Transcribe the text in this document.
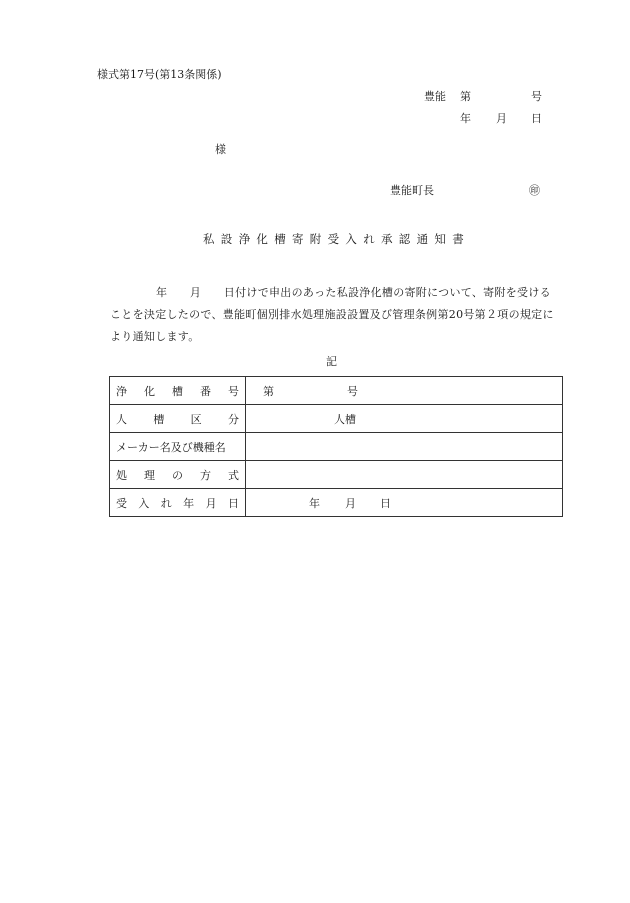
様式第17号(第13条関係)
豊能 第	号
年 月 日
様
豊能町長	㊞
私設浄化槽寄附受入れ承認通知書
年　　月　　日付けで申出のあった私設浄化槽の寄附について、寄附を受ける
ことを決定したので、豊能町個別排水処理施設設置及び管理条例第20号第２項の規定に
より通知します。
記
浄 化 槽 番 号	第 号

人 槽 区 分	人槽

メーカー名及び機種名	

処 理 の 方 式	

受 入 れ 年 月 日	年 月 日
